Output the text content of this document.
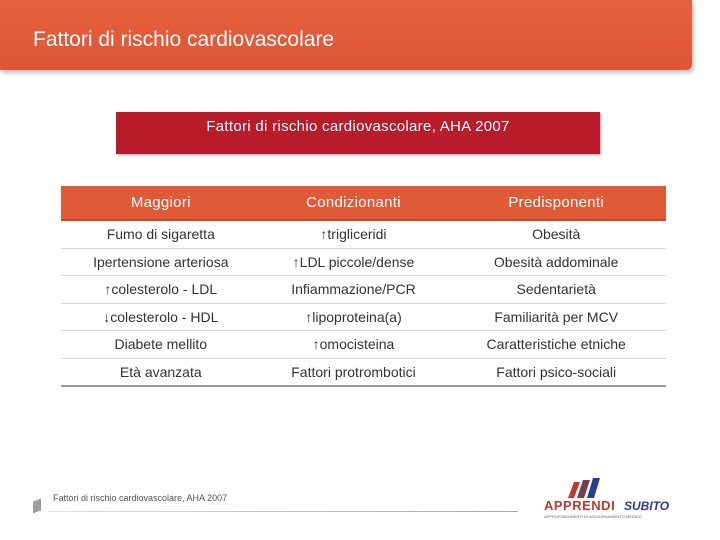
Fattori di rischio cardiovascolare
Fattori di rischio cardiovascolare, AHA 2007
Maggiori	Condizionanti	Predisponenti
Fumo di sigaretta	↑trigliceridi	Obesità
Ipertensione arteriosa	↑LDL piccole/dense	Obesità addominale
↑colesterolo - LDL	Infiammazione/PCR	Sedentarietà
↓colesterolo - HDL	↑lipoproteina(a)	Familiarità per MCV
Diabete mellito	↑omocisteina	Caratteristiche etniche
Età avanzata	Fattori protrombotici	Fattori psico-sociali
Fattori di rischio cardiovascolare, AHA 2007	APPRENDI SUBITO
APPROFONDIMENTI DI AGGIORNAMENTO MEDICO
